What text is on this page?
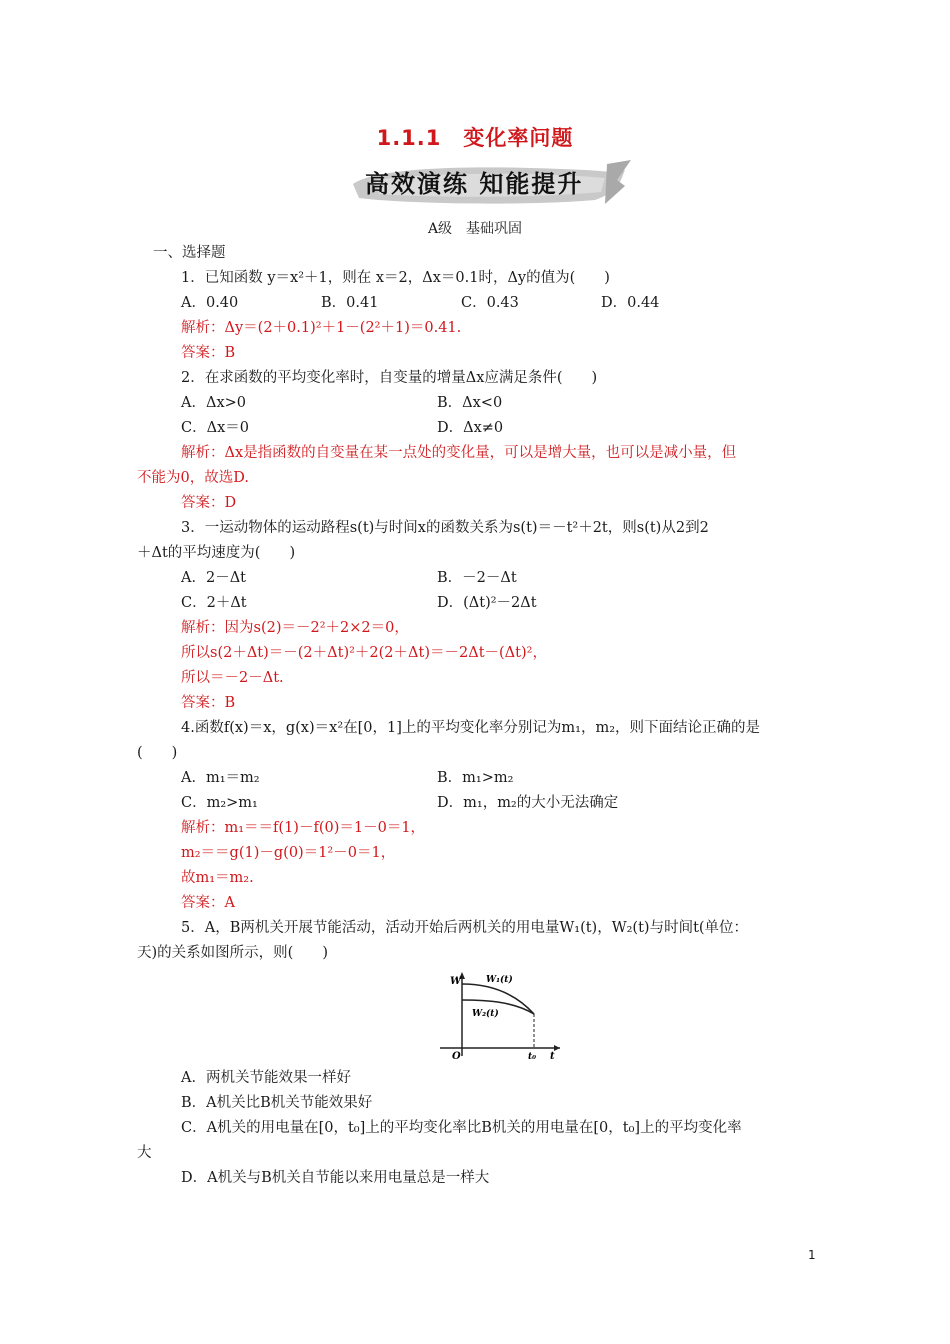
1.1.1　变化率问题
高效演练 知能提升
A级　基础巩固
一、选择题
1．已知函数 y＝x²＋1，则在 x＝2，Δx＝0.1时，Δy的值为(　　)
A．0.40	B．0.41	C．0.43	D．0.44
解析：Δy＝(2＋0.1)²＋1－(2²＋1)＝0.41.
答案：B
2．在求函数的平均变化率时，自变量的增量Δx应满足条件(　　)
A．Δx>0	B．Δx<0
C．Δx＝0	D．Δx≠0
解析：Δx是指函数的自变量在某一点处的变化量，可以是增大量，也可以是减小量，但
不能为0，故选D.
答案：D
3．一运动物体的运动路程s(t)与时间x的函数关系为s(t)＝－t²＋2t，则s(t)从2到2
＋Δt的平均速度为(　　)
A．2－Δt	B．－2－Δt
C．2＋Δt	D．(Δt)²－2Δt
解析：因为s(2)＝－2²＋2×2＝0，
所以s(2＋Δt)＝－(2＋Δt)²＋2(2＋Δt)＝－2Δt－(Δt)²，
所以＝－2－Δt.
答案：B
4.函数f(x)＝x，g(x)＝x²在[0，1]上的平均变化率分别记为m₁，m₂，则下面结论正确的是
(　　)
A．m₁＝m₂	B．m₁>m₂
C．m₂>m₁	D．m₁，m₂的大小无法确定
解析：m₁＝＝f(1)－f(0)＝1－0＝1，
m₂＝＝g(1)－g(0)＝1²－0＝1，
故m₁＝m₂.
答案：A
5．A，B两机关开展节能活动，活动开始后两机关的用电量W₁(t)，W₂(t)与时间t(单位：
天)的关系如图所示，则(　　)
W
O	t
t₀
W₁(t)
W₂(t)
A．两机关节能效果一样好
B．A机关比B机关节能效果好
C．A机关的用电量在[0，t₀]上的平均变化率比B机关的用电量在[0，t₀]上的平均变化率
大
D．A机关与B机关自节能以来用电量总是一样大
1
